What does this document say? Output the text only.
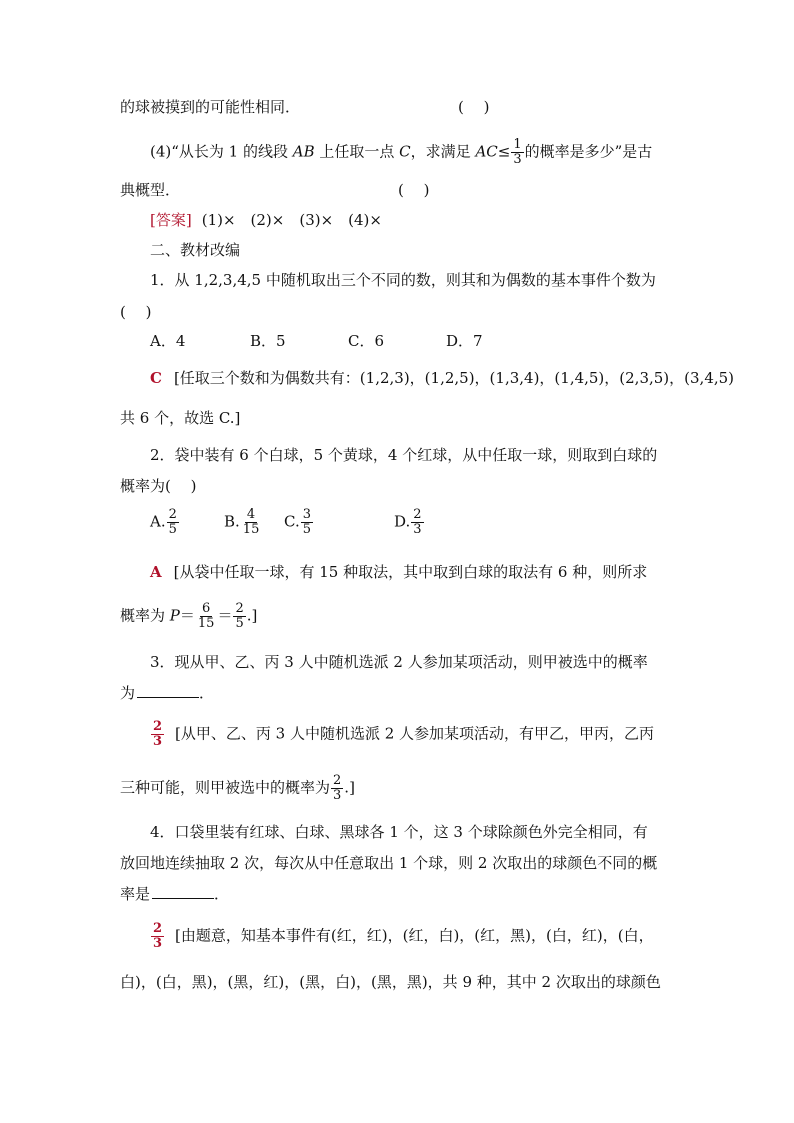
的球被摸到的可能性相同．	(　 )
(4)“从长为 1 的线段 AB 上任取一点 C，求满足 $AC\le \frac{1}{3}$ 的概率是多少”是古
典概型．	(　 )
[答案] (1)×　(2)×　(3)×　(4)×
二、教材改编
1．从 1,2,3,4,5 中随机取出三个不同的数，则其和为偶数的基本事件个数为
(　 )
A．4	B．5	C．6	D．7
C [任取三个数和为偶数共有：(1,2,3)，(1,2,5)，(1,3,4)，(1,4,5)，(2,3,5)，(3,4,5)
共 6 个，故选 C.]
2．袋中装有 6 个白球，5 个黄球，4 个红球，从中任取一球，则取到白球的
概率为(　 )
A. $\frac{2}{5}$	B. $\frac{4}{15} C$. $\frac{3}{5}$	D. $\frac{2}{3}$
A [从袋中任取一球，有 15 种取法，其中取到白球的取法有 6 种，则所求
概率为 $P= \frac{6}{15} = \frac{2}{5}$ .]
3．现从甲、乙、丙 3 人中随机选派 2 人参加某项活动，则甲被选中的概率
为	．
$\frac{2}{3}$ [从甲、乙、丙 3 人中随机选派 2 人参加某项活动，有甲乙，甲丙，乙丙
三种可能，则甲被选中的概率为 $\frac{2}{3}$ .]
4．口袋里装有红球、白球、黑球各 1 个，这 3 个球除颜色外完全相同，有
放回地连续抽取 2 次，每次从中任意取出 1 个球，则 2 次取出的球颜色不同的概
率是	．
$\frac{2}{3}$ [由题意，知基本事件有(红，红)，(红，白)，(红，黑)，(白，红)，(白，
白)，(白，黑)，(黑，红)，(黑，白)，(黑，黑)，共 9 种，其中 2 次取出的球颜色
